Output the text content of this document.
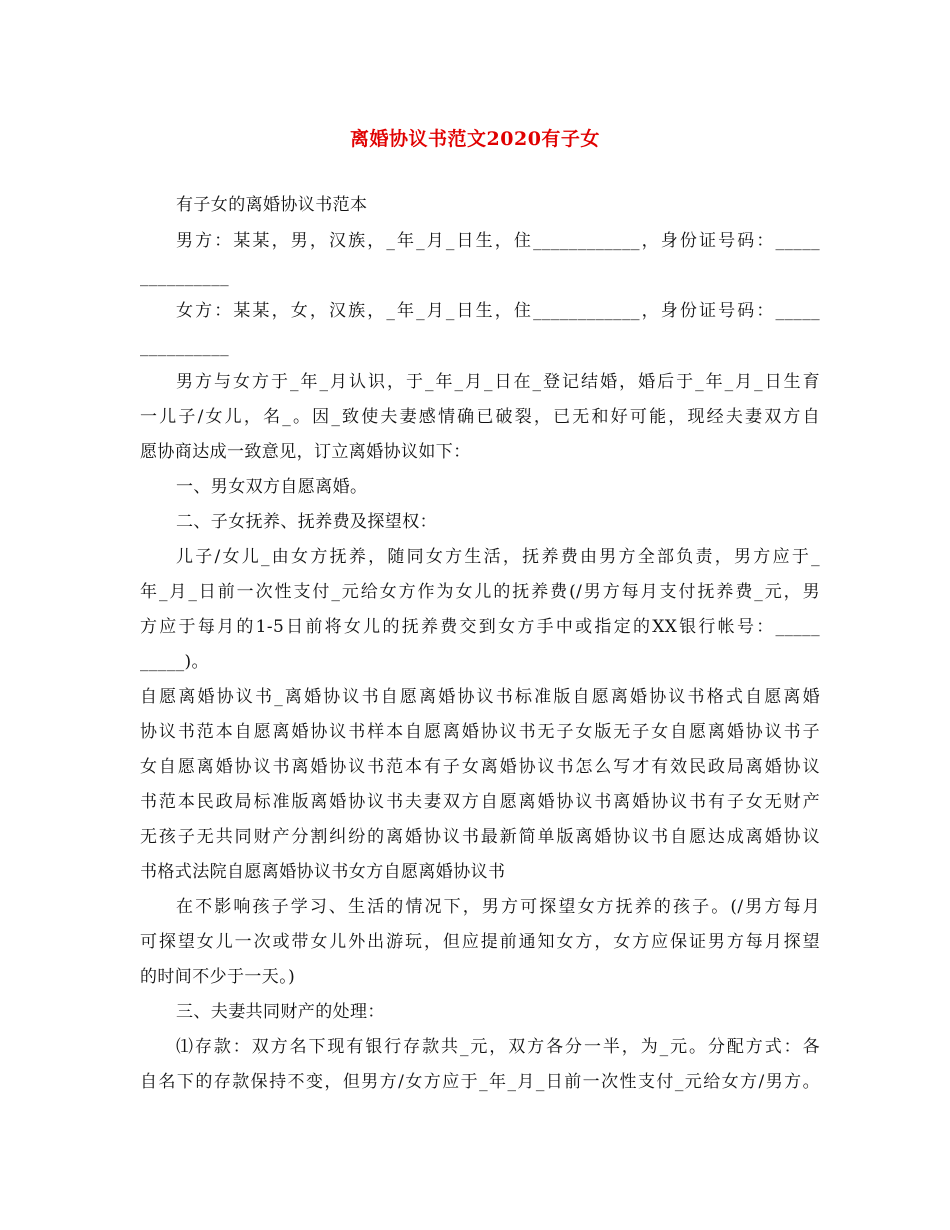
离婚协议书范文2020有子女
有子女的离婚协议书范本
男方：某某，男，汉族，_年_月_日生，住____________，身份证号码：_____
__________
女方：某某，女，汉族，_年_月_日生，住____________，身份证号码：_____
__________
男方与女方于_年_月认识，于_年_月_日在_登记结婚，婚后于_年_月_日生育
一儿子/女儿，名_。因_致使夫妻感情确已破裂，已无和好可能，现经夫妻双方自
愿协商达成一致意见，订立离婚协议如下：
一、男女双方自愿离婚。
二、子女抚养、抚养费及探望权：
儿子/女儿_由女方抚养，随同女方生活，抚养费由男方全部负责，男方应于_
年_月_日前一次性支付_元给女方作为女儿的抚养费(/男方每月支付抚养费_元，男
方应于每月的1-5日前将女儿的抚养费交到女方手中或指定的XX银行帐号：_____
_____)。
自愿离婚协议书_离婚协议书自愿离婚协议书标准版自愿离婚协议书格式自愿离婚
协议书范本自愿离婚协议书样本自愿离婚协议书无子女版无子女自愿离婚协议书子
女自愿离婚协议书离婚协议书范本有子女离婚协议书怎么写才有效民政局离婚协议
书范本民政局标准版离婚协议书夫妻双方自愿离婚协议书离婚协议书有子女无财产
无孩子无共同财产分割纠纷的离婚协议书最新简单版离婚协议书自愿达成离婚协议
书格式法院自愿离婚协议书女方自愿离婚协议书
在不影响孩子学习、生活的情况下，男方可探望女方抚养的孩子。(/男方每月
可探望女儿一次或带女儿外出游玩，但应提前通知女方，女方应保证男方每月探望
的时间不少于一天。)
三、夫妻共同财产的处理：
⑴存款：双方名下现有银行存款共_元，双方各分一半，为_元。分配方式：各
自名下的存款保持不变，但男方/女方应于_年_月_日前一次性支付_元给女方/男方。
